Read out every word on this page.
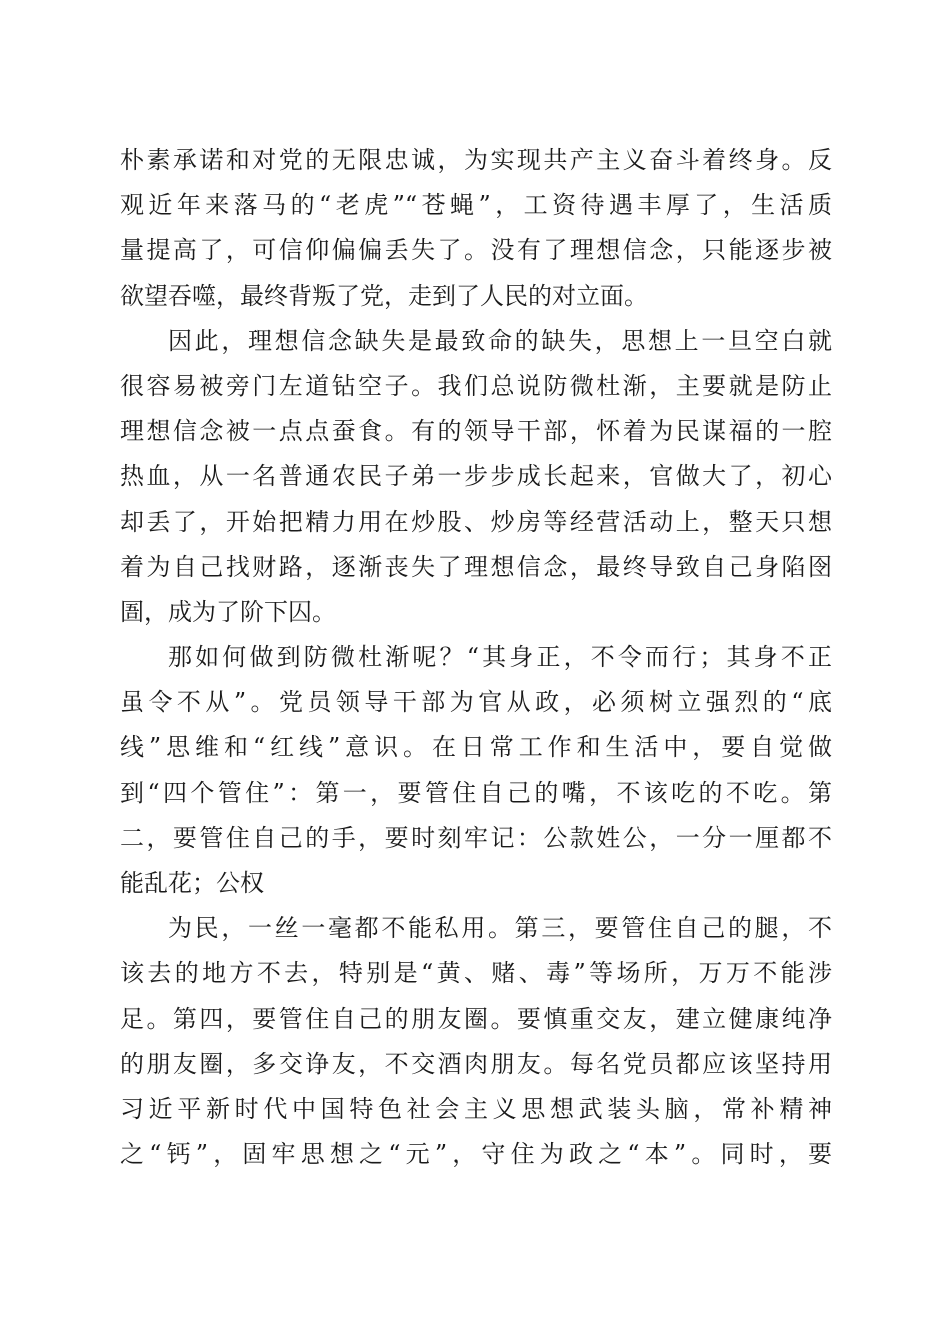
朴素承诺和对党的无限忠诚，为实现共产主义奋斗着终身。反
观近年来落马的“老虎”“苍蝇”，工资待遇丰厚了，生活质
量提高了，可信仰偏偏丢失了。没有了理想信念，只能逐步被
欲望吞噬，最终背叛了党，走到了人民的对立面。
因此，理想信念缺失是最致命的缺失，思想上一旦空白就
很容易被旁门左道钻空子。我们总说防微杜渐，主要就是防止
理想信念被一点点蚕食。有的领导干部，怀着为民谋福的一腔
热血，从一名普通农民子弟一步步成长起来，官做大了，初心
却丢了，开始把精力用在炒股、炒房等经营活动上，整天只想
着为自己找财路，逐渐丧失了理想信念，最终导致自己身陷囹
圄，成为了阶下囚。
那如何做到防微杜渐呢？“其身正，不令而行；其身不正
虽令不从”。党员领导干部为官从政，必须树立强烈的“底
线”思维和“红线”意识。在日常工作和生活中，要自觉做
到“四个管住”：第一，要管住自己的嘴，不该吃的不吃。第
二，要管住自己的手，要时刻牢记：公款姓公，一分一厘都不
能乱花；公权
为民，一丝一毫都不能私用。第三，要管住自己的腿，不
该去的地方不去，特别是“黄、赌、毒”等场所，万万不能涉
足。第四，要管住自己的朋友圈。要慎重交友，建立健康纯净
的朋友圈，多交诤友，不交酒肉朋友。每名党员都应该坚持用
习近平新时代中国特色社会主义思想武装头脑，常补精神
之“钙”，固牢思想之“元”，守住为政之“本”。同时，要
